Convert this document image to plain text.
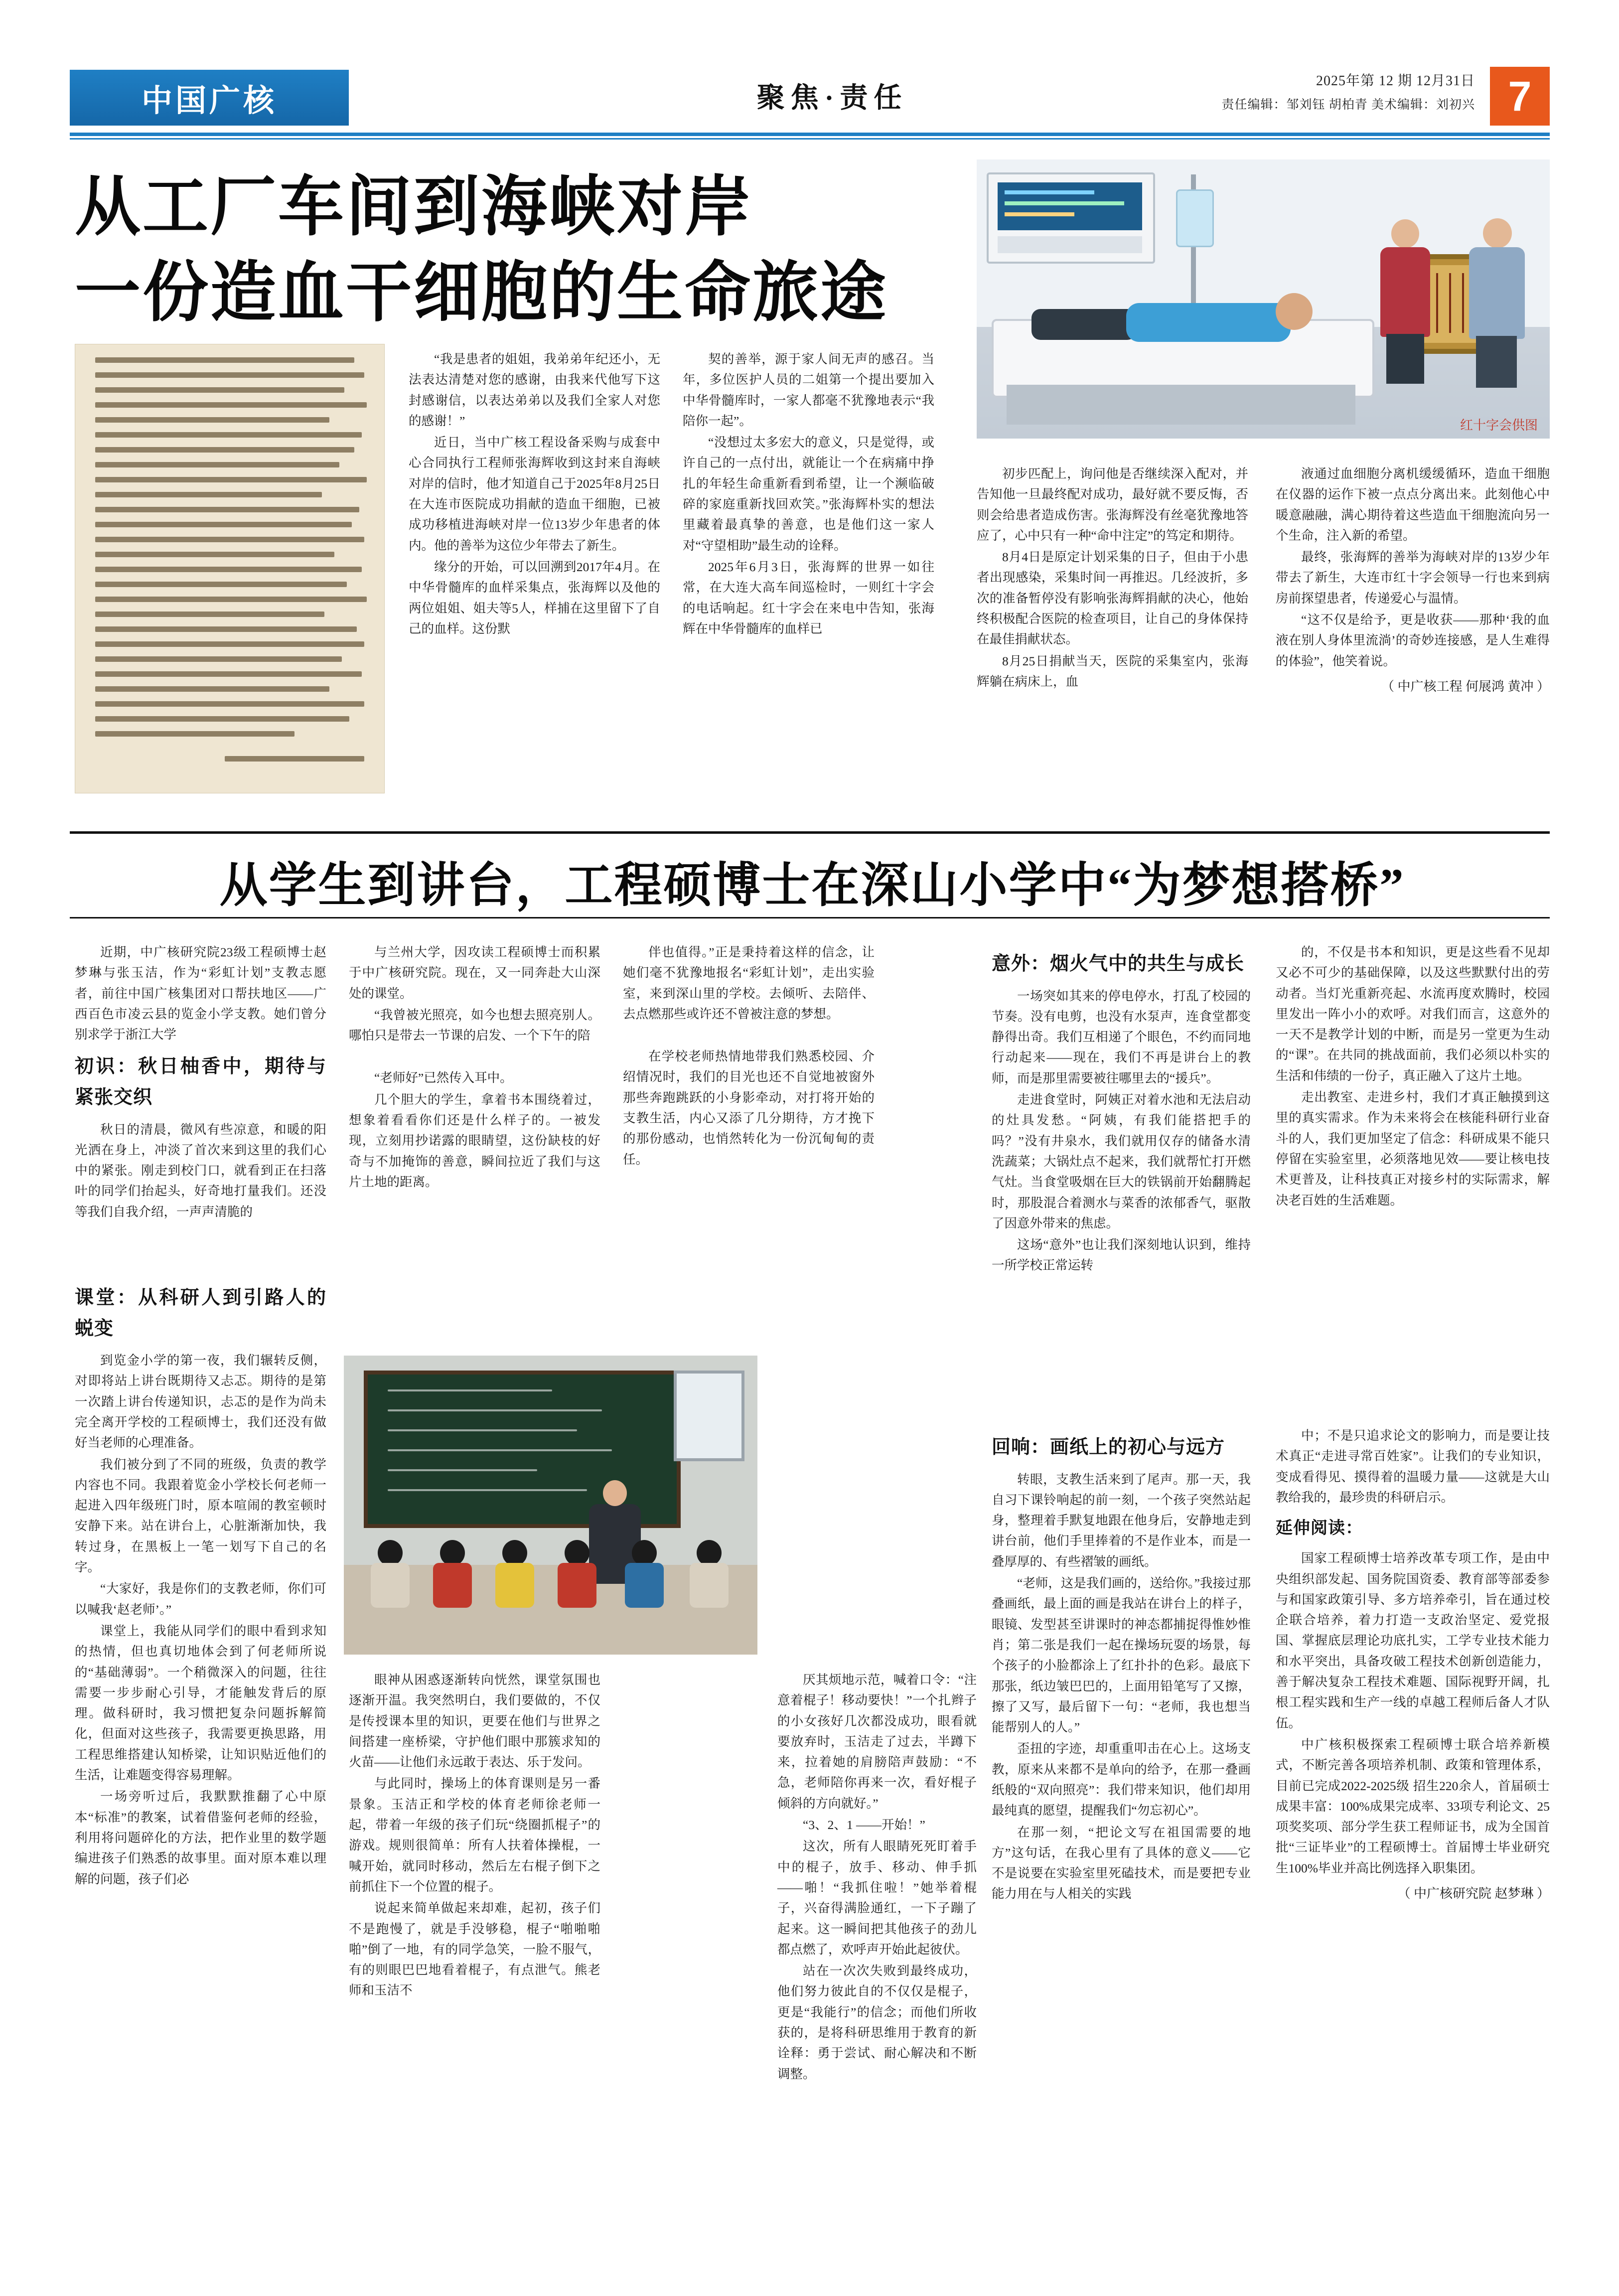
中国广核	聚焦·责任
2025年第 12 期 12月31日
责任编辑：邹刘钰 胡柏青 美术编辑：刘初兴 7
从工厂车间到海峡对岸
一份造血干细胞的生命旅途
红十字会供图

“我是患者的姐姐，我弟弟年纪还小，无法表达清楚对您的感谢，由我来代他写下这封感谢信，以表达弟弟以及我们全家人对您的感谢！”

近日，当中广核工程设备采购与成套中心合同执行工程师张海辉收到这封来自海峡对岸的信时，他才知道自己于2025年8月25日在大连市医院成功捐献的造血干细胞，已被成功移植进海峡对岸一位13岁少年患者的体内。他的善举为这位少年带去了新生。

缘分的开始，可以回溯到2017年4月。在中华骨髓库的血样采集点，张海辉以及他的两位姐姐、姐夫等5人，样捕在这里留下了自己的血样。这份默

契的善举，源于家人间无声的感召。当年，多位医护人员的二姐第一个提出要加入中华骨髓库时，一家人都毫不犹豫地表示“我陪你一起”。

“没想过太多宏大的意义，只是觉得，或许自己的一点付出，就能让一个在病痛中挣扎的年轻生命重新看到希望，让一个濒临破碎的家庭重新找回欢笑。”张海辉朴实的想法里藏着最真挚的善意，也是他们这一家人对“守望相助”最生动的诠释。

2025年6月3日，张海辉的世界一如往常，在大连大高车间巡检时，一则红十字会的电话响起。红十字会在来电中告知，张海辉在中华骨髓库的血样已

初步匹配上，询问他是否继续深入配对，并告知他一旦最终配对成功，最好就不要反悔，否则会给患者造成伤害。张海辉没有丝毫犹豫地答应了，心中只有一种“命中注定”的笃定和期待。

8月4日是原定计划采集的日子，但由于小患者出现感染，采集时间一再推迟。几经波折，多次的准备暂停没有影响张海辉捐献的决心，他始终积极配合医院的检查项目，让自己的身体保持在最佳捐献状态。

8月25日捐献当天，医院的采集室内，张海辉躺在病床上，血

液通过血细胞分离机缓缓循环，造血干细胞在仪器的运作下被一点点分离出来。此刻他心中暖意融融，满心期待着这些造血干细胞流向另一个生命，注入新的希望。

最终，张海辉的善举为海峡对岸的13岁少年带去了新生，大连市红十字会领导一行也来到病房前探望患者，传递爱心与温情。

“这不仅是给予，更是收获——那种‘我的血液在别人身体里流淌’的奇妙连接感，是人生难得的体验”，他笑着说。

（ 中广核工程 何展鸿 黄冲 ）
从学生到讲台，工程硕博士在深山小学中“为梦想搭桥”

近期，中广核研究院23级工程硕博士赵梦琳与张玉洁，作为“彩虹计划”支教志愿者，前往中国广核集团对口帮扶地区——广西百色市凌云县的览金小学支教。她们曾分别求学于浙江大学

初识：秋日柚香中，期待与紧张交织

秋日的清晨，微风有些凉意，和暖的阳光洒在身上，冲淡了首次来到这里的我们心中的紧张。刚走到校门口，就看到正在扫落叶的同学们抬起头，好奇地打量我们。还没等我们自我介绍，一声声清脆的

课堂：从科研人到引路人的蜕变

到览金小学的第一夜，我们辗转反侧，对即将站上讲台既期待又忐忑。期待的是第一次踏上讲台传递知识，忐忑的是作为尚未完全离开学校的工程硕博士，我们还没有做好当老师的心理准备。

我们被分到了不同的班级，负责的教学内容也不同。我跟着览金小学校长何老师一起进入四年级班门时，原本喧闹的教室顿时安静下来。站在讲台上，心脏渐渐加快，我转过身，在黑板上一笔一划写下自己的名字。

“大家好，我是你们的支教老师，你们可以喊我‘赵老师’。”

课堂上，我能从同学们的眼中看到求知的热情，但也真切地体会到了何老师所说的“基础薄弱”。一个稍微深入的问题，往往需要一步步耐心引导，才能触发背后的原理。做科研时，我习惯把复杂问题拆解简化，但面对这些孩子，我需要更换思路，用工程思维搭建认知桥梁，让知识贴近他们的生活，让难题变得容易理解。

一场旁听过后，我默默推翻了心中原本“标准”的教案，试着借鉴何老师的经验，利用将问题碎化的方法，把作业里的数学题编进孩子们熟悉的故事里。面对原本难以理解的问题，孩子们必

与兰州大学，因攻读工程硕博士而积累于中广核研究院。现在，又一同奔赴大山深处的课堂。

“我曾被光照亮，如今也想去照亮别人。哪怕只是带去一节课的启发、一个下午的陪

“老师好”已然传入耳中。

几个胆大的学生，拿着书本围绕着过，想象着看看你们还是什么样子的。一被发现，立刻用抄诺露的眼睛望，这份缺枝的好奇与不加掩饰的善意，瞬间拉近了我们与这片土地的距离。

眼神从困惑逐渐转向恍然，课堂氛围也逐渐开温。我突然明白，我们要做的，不仅是传授课本里的知识，更要在他们与世界之间搭建一座桥梁，守护他们眼中那簇求知的火苗——让他们永远敢于表达、乐于发问。

与此同时，操场上的体育课则是另一番景象。玉洁正和学校的体育老师徐老师一起，带着一年级的孩子们玩“绕圈抓棍子”的游戏。规则很简单：所有人扶着体操棍，一喊开始，就同时移动，然后左右棍子倒下之前抓住下一个位置的棍子。

说起来简单做起来却难，起初，孩子们不是跑慢了，就是手没够稳，棍子“啪啪啪啪”倒了一地，有的同学急笑，一脸不服气，有的则眼巴巴地看着棍子，有点泄气。熊老师和玉洁不

伴也值得。”正是秉持着这样的信念，让她们毫不犹豫地报名“彩虹计划”，走出实验室，来到深山里的学校。去倾听、去陪伴、去点燃那些或许还不曾被注意的梦想。

在学校老师热情地带我们熟悉校园、介绍情况时，我们的目光也还不自觉地被窗外那些奔跑跳跃的小身影牵动，对打将开始的支教生活，内心又添了几分期待，方才挽下的那份感动，也悄然转化为一份沉甸甸的责任。

厌其烦地示范，喊着口令：“注意着棍子！移动要快！”一个扎辫子的小女孩好几次都没成功，眼看就要放弃时，玉洁走了过去，半蹲下来，拉着她的肩膀陪声鼓励：“不急，老师陪你再来一次，看好棍子倾斜的方向就好。”

“3、2、1 ——开始！”

这次，所有人眼睛死死盯着手中的棍子，放手、移动、伸手抓——啪！“我抓住啦！”她举着棍子，兴奋得满脸通红，一下子蹦了起来。这一瞬间把其他孩子的劲儿都点燃了，欢呼声开始此起彼伏。

站在一次次失败到最终成功，他们努力彼此自的不仅仅是棍子，更是“我能行”的信念；而他们所收获的，是将科研思维用于教育的新诠释：勇于尝试、耐心解决和不断调整。

意外：烟火气中的共生与成长

一场突如其来的停电停水，打乱了校园的节奏。没有电剪，也没有水泵声，连食堂都变静得出奇。我们互相递了个眼色，不约而同地行动起来——现在，我们不再是讲台上的教师，而是那里需要被往哪里去的“援兵”。

走进食堂时，阿姨正对着水池和无法启动的灶具发愁。“阿姨，有我们能搭把手的吗？”没有井泉水，我们就用仅存的储备水清洗蔬菜；大锅灶点不起来，我们就帮忙打开燃气灶。当食堂吸烟在巨大的铁锅前开始翻腾起时，那股混合着测水与菜香的浓郁香气，驱散了因意外带来的焦虑。

这场“意外”也让我们深刻地认识到，维持一所学校正常运转

的，不仅是书本和知识，更是这些看不见却又必不可少的基础保障，以及这些默默付出的劳动者。当灯光重新亮起、水流再度欢腾时，校园里发出一阵小小的欢呼。对我们而言，这意外的一天不是教学计划的中断，而是另一堂更为生动的“课”。在共同的挑战面前，我们必须以朴实的生活和伟绩的一份子，真正融入了这片土地。

走出教室、走进乡村，我们才真正触摸到这里的真实需求。作为未来将会在核能科研行业奋斗的人，我们更加坚定了信念：科研成果不能只停留在实验室里，必须落地见效——要让核电技术更普及，让科技真正对接乡村的实际需求，解决老百姓的生活难题。

回响：画纸上的初心与远方

转眼，支教生活来到了尾声。那一天，我自习下课铃响起的前一刻，一个孩子突然站起身，整理着手默复地跟在他身后，安静地走到讲台前，他们手里捧着的不是作业本，而是一叠厚厚的、有些褶皱的画纸。

“老师，这是我们画的，送给你。”我接过那叠画纸，最上面的画是我站在讲台上的样子，眼镜、发型甚至讲课时的神态都捕捉得惟妙惟肖；第二张是我们一起在操场玩耍的场景，每个孩子的小脸都涂上了红扑扑的色彩。最底下那张，纸边皱巴巴的，上面用铅笔写了又擦，擦了又写，最后留下一句：“老师，我也想当能帮别人的人。”

歪扭的字迹，却重重叩击在心上。这场支教，原来从来都不是单向的给予，在那一叠画纸般的“双向照亮”：我们带来知识，他们却用最纯真的愿望，提醒我们“勿忘初心”。

在那一刻，“把论文写在祖国需要的地方”这句话，在我心里有了具体的意义——它不是说要在实验室里死磕技术，而是要把专业能力用在与人相关的实践

中；不是只追求论文的影响力，而是要让技术真正“走进寻常百姓家”。让我们的专业知识，变成看得见、摸得着的温暖力量——这就是大山教给我的，最珍贵的科研启示。

延伸阅读：

国家工程硕博士培养改革专项工作，是由中央组织部发起、国务院国资委、教育部等部委参与和国家政策引导、多方培养牵引，旨在通过校企联合培养，着力打造一支政治坚定、爱党报国、掌握底层理论功底扎实，工学专业技术能力和水平突出，具备攻破工程技术创新创造能力，善于解决复杂工程技术难题、国际视野开阔，扎根工程实践和生产一线的卓越工程师后备人才队伍。

中广核积极探索工程硕博士联合培养新模式，不断完善各项培养机制、政策和管理体系，目前已完成2022-2025级 招生220余人，首届硕士成果丰富：100%成果完成率、33项专利论文、25项奖奖项、部分学生获工程师证书，成为全国首批“三证毕业”的工程硕博士。首届博士毕业研究生100%毕业并高比例选择入职集团。

（ 中广核研究院 赵梦琳 ）
